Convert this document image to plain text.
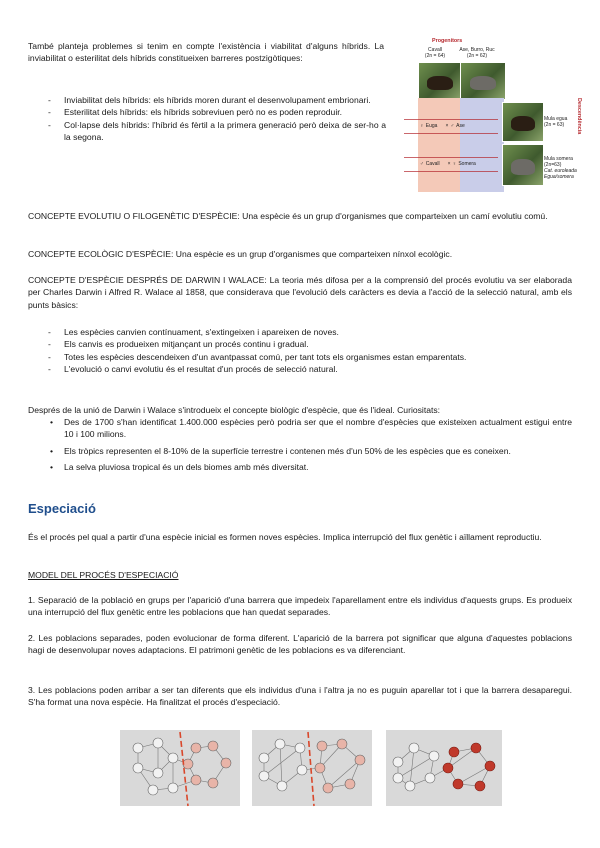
També planteja problemes si tenim en compte l'existència i viabilitat d'alguns híbrids. La inviabilitat o esterilitat dels híbrids constitueixen barreres postzigòtiques:

- Inviabilitat dels híbrids: els híbrids moren durant el desenvolupament embrionari.
- Esterilitat dels híbrids: els híbrids sobreviuen però no es poden reproduir.
- Col·lapse dels híbrids: l'híbrid és fèrtil a la primera generació però deixa de ser-ho a la segona.
Progenitors
Cavall
(2n = 64)
Ase, Burro, Ruc
(2n = 62)
♀ Euga × ♂ Ase
Mula egua
(2n = 63)
♂ Cavall × ♀ Somera
Mula somera
(2n=63)
Cat. euroleada
Egua/somera
Descendència

CONCEPTE EVOLUTIU O FILOGENÈTIC D'ESPÈCIE: Una espècie és un grup d'organismes que comparteixen un camí evolutiu comú.

CONCEPTE ECOLÒGIC D'ESPÈCIE: Una espècie es un grup d'organismes que comparteixen nínxol ecològic.

CONCEPTE D'ESPÈCIE DESPRÉS DE DARWIN I WALACE: La teoria més difosa per a la comprensió del procés evolutiu va ser elaborada per Charles Darwin i Alfred R. Walace al 1858, que considerava que l'evolució dels caràcters es devia a l'acció de la selecció natural, amb els punts bàsics:

- Les espècies canvien contínuament, s'extingeixen i apareixen de noves.
- Els canvis es produeixen mitjançant un procés continu i gradual.
- Totes les espècies descendeixen d'un avantpassat comú, per tant tots els organismes estan emparentats.
- L'evolució o canvi evolutiu és el resultat d'un procés de selecció natural.

Després de la unió de Darwin i Walace s'introdueix el concepte biològic d'espècie, que és l'ideal. Curiositats:

• Des de 1700 s'han identificat 1.400.000 espècies però podria ser que el nombre d'espècies que existeixen actualment estigui entre 10 i 100 milions.
• Els tròpics representen el 8-10% de la superfície terrestre i contenen més d'un 50% de les espècies que es coneixen.
• La selva pluviosa tropical és un dels biomes amb més diversitat.
Especiació

És el procés pel qual a partir d'una espècie inicial es formen noves espècies. Implica interrupció del flux genètic i aïllament reproductiu.

MODEL DEL PROCÉS D'ESPECIACIÓ

1. Separació de la població en grups per l'aparició d'una barrera que impedeix l'aparellament entre els individus d'aquests grups. Es produeix una interrupció del flux genètic entre les poblacions que han quedat separades.

2. Les poblacions separades, poden evolucionar de forma diferent. L'aparició de la barrera pot significar que alguna d'aquestes poblacions hagi de desenvolupar noves adaptacions. El patrimoni genètic de les poblacions es va diferenciant.

3. Les poblacions poden arribar a ser tan diferents que els individus d'una i l'altra ja no es puguin aparellar tot i que la barrera desaparegui. S'ha format una nova espècie. Ha finalitzat el procés d'especiació.
